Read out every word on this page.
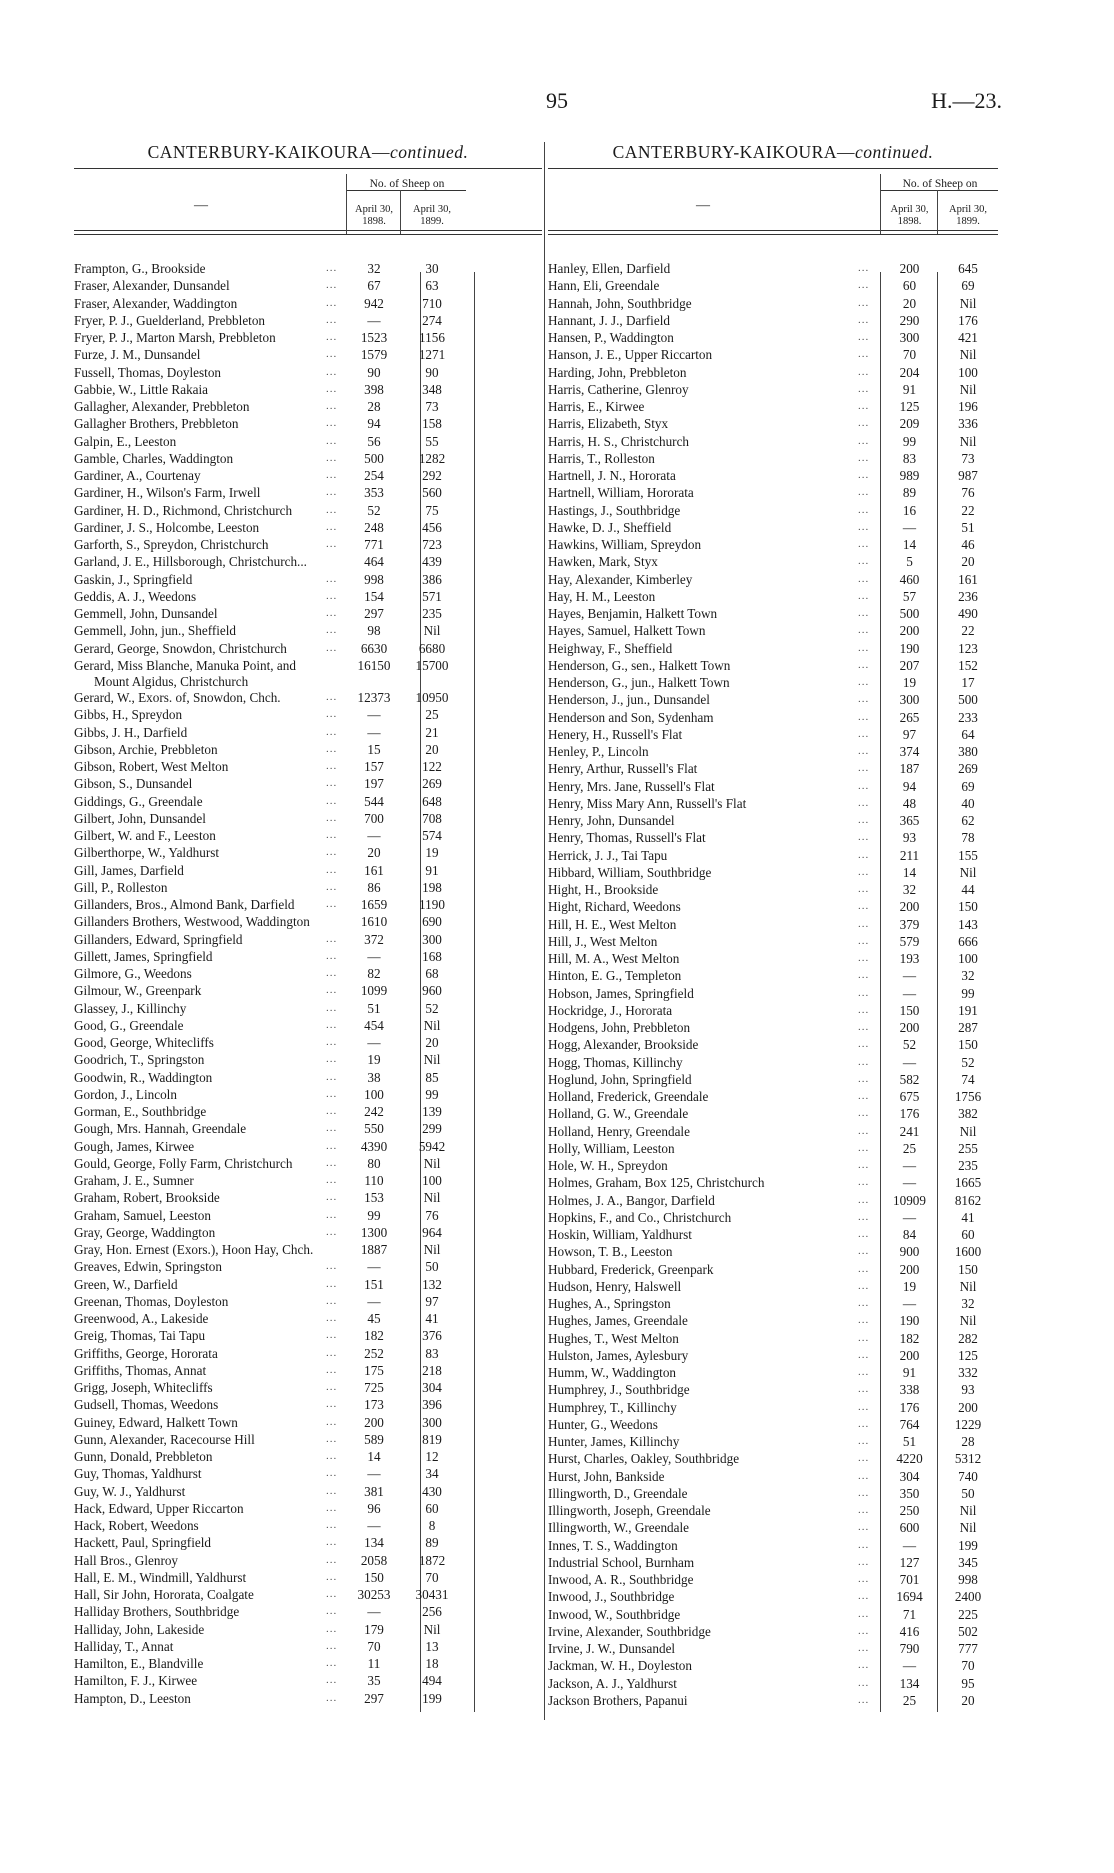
95	H.—23.
CANTERBURY-KAIKOURA—continued.
—
No. of Sheep on
April 30, 1898.
April 30, 1899.
Frampton, G., Brookside	...	32	30
Fraser, Alexander, Dunsandel	...	67	63
Fraser, Alexander, Waddington	...	942	710
Fryer, P. J., Guelderland, Prebbleton	...	—	274
Fryer, P. J., Marton Marsh, Prebbleton	...	1523	1156
Furze, J. M., Dunsandel	...	1579	1271
Fussell, Thomas, Doyleston	...	90	90
Gabbie, W., Little Rakaia	...	398	348
Gallagher, Alexander, Prebbleton	...	28	73
Gallagher Brothers, Prebbleton	...	94	158
Galpin, E., Leeston	...	56	55
Gamble, Charles, Waddington	...	500	1282
Gardiner, A., Courtenay	...	254	292
Gardiner, H., Wilson's Farm, Irwell	...	353	560
Gardiner, H. D., Richmond, Christchurch	...	52	75
Gardiner, J. S., Holcombe, Leeston	...	248	456
Garforth, S., Spreydon, Christchurch	...	771	723
Garland, J. E., Hillsborough, Christchurch...	464	439
Gaskin, J., Springfield	...	998	386
Geddis, A. J., Weedons	...	154	571
Gemmell, John, Dunsandel	...	297	235
Gemmell, John, jun., Sheffield	...	98	Nil
Gerard, George, Snowdon, Christchurch	...	6630	6680
Gerard, Miss Blanche, Manuka Point, and	16150	15700
Mount Algidus, Christchurch
Gerard, W., Exors. of, Snowdon, Chch.	...	12373	10950
Gibbs, H., Spreydon	...	—	25
Gibbs, J. H., Darfield	...	—	21
Gibson, Archie, Prebbleton	...	15	20
Gibson, Robert, West Melton	...	157	122
Gibson, S., Dunsandel	...	197	269
Giddings, G., Greendale	...	544	648
Gilbert, John, Dunsandel	...	700	708
Gilbert, W. and F., Leeston	...	—	574
Gilberthorpe, W., Yaldhurst	...	20	19
Gill, James, Darfield	...	161	91
Gill, P., Rolleston	...	86	198
Gillanders, Bros., Almond Bank, Darfield	...	1659	1190
Gillanders Brothers, Westwood, Waddington	1610	690
Gillanders, Edward, Springfield	...	372	300
Gillett, James, Springfield	...	—	168
Gilmore, G., Weedons	...	82	68
Gilmour, W., Greenpark	...	1099	960
Glassey, J., Killinchy	...	51	52
Good, G., Greendale	...	454	Nil
Good, George, Whitecliffs	...	—	20
Goodrich, T., Springston	...	19	Nil
Goodwin, R., Waddington	...	38	85
Gordon, J., Lincoln	...	100	99
Gorman, E., Southbridge	...	242	139
Gough, Mrs. Hannah, Greendale	...	550	299
Gough, James, Kirwee	...	4390	5942
Gould, George, Folly Farm, Christchurch	...	80	Nil
Graham, J. E., Sumner	...	110	100
Graham, Robert, Brookside	...	153	Nil
Graham, Samuel, Leeston	...	99	76
Gray, George, Waddington	...	1300	964
Gray, Hon. Ernest (Exors.), Hoon Hay, Chch.	1887	Nil
Greaves, Edwin, Springston	...	—	50
Green, W., Darfield	...	151	132
Greenan, Thomas, Doyleston	...	—	97
Greenwood, A., Lakeside	...	45	41
Greig, Thomas, Tai Tapu	...	182	376
Griffiths, George, Hororata	...	252	83
Griffiths, Thomas, Annat	...	175	218
Grigg, Joseph, Whitecliffs	...	725	304
Gudsell, Thomas, Weedons	...	173	396
Guiney, Edward, Halkett Town	...	200	300
Gunn, Alexander, Racecourse Hill	...	589	819
Gunn, Donald, Prebbleton	...	14	12
Guy, Thomas, Yaldhurst	...	—	34
Guy, W. J., Yaldhurst	...	381	430
Hack, Edward, Upper Riccarton	...	96	60
Hack, Robert, Weedons	...	—	8
Hackett, Paul, Springfield	...	134	89
Hall Bros., Glenroy	...	2058	1872
Hall, E. M., Windmill, Yaldhurst	...	150	70
Hall, Sir John, Hororata, Coalgate	...	30253	30431
Halliday Brothers, Southbridge	...	—	256
Halliday, John, Lakeside	...	179	Nil
Halliday, T., Annat	...	70	13
Hamilton, E., Blandville	...	11	18
Hamilton, F. J., Kirwee	...	35	494
Hampton, D., Leeston	...	297	199
CANTERBURY-KAIKOURA—continued.
—
No. of Sheep on
April 30, 1898.
April 30, 1899.
Hanley, Ellen, Darfield	...	200	645
Hann, Eli, Greendale	...	60	69
Hannah, John, Southbridge	...	20	Nil
Hannant, J. J., Darfield	...	290	176
Hansen, P., Waddington	...	300	421
Hanson, J. E., Upper Riccarton	...	70	Nil
Harding, John, Prebbleton	...	204	100
Harris, Catherine, Glenroy	...	91	Nil
Harris, E., Kirwee	...	125	196
Harris, Elizabeth, Styx	...	209	336
Harris, H. S., Christchurch	...	99	Nil
Harris, T., Rolleston	...	83	73
Hartnell, J. N., Hororata	...	989	987
Hartnell, William, Hororata	...	89	76
Hastings, J., Southbridge	...	16	22
Hawke, D. J., Sheffield	...	—	51
Hawkins, William, Spreydon	...	14	46
Hawken, Mark, Styx	...	5	20
Hay, Alexander, Kimberley	...	460	161
Hay, H. M., Leeston	...	57	236
Hayes, Benjamin, Halkett Town	...	500	490
Hayes, Samuel, Halkett Town	...	200	22
Heighway, F., Sheffield	...	190	123
Henderson, G., sen., Halkett Town	...	207	152
Henderson, G., jun., Halkett Town	...	19	17
Henderson, J., jun., Dunsandel	...	300	500
Henderson and Son, Sydenham	...	265	233
Henery, H., Russell's Flat	...	97	64
Henley, P., Lincoln	...	374	380
Henry, Arthur, Russell's Flat	...	187	269
Henry, Mrs. Jane, Russell's Flat	...	94	69
Henry, Miss Mary Ann, Russell's Flat	...	48	40
Henry, John, Dunsandel	...	365	62
Henry, Thomas, Russell's Flat	...	93	78
Herrick, J. J., Tai Tapu	...	211	155
Hibbard, William, Southbridge	...	14	Nil
Hight, H., Brookside	...	32	44
Hight, Richard, Weedons	...	200	150
Hill, H. E., West Melton	...	379	143
Hill, J., West Melton	...	579	666
Hill, M. A., West Melton	...	193	100
Hinton, E. G., Templeton	...	—	32
Hobson, James, Springfield	...	—	99
Hockridge, J., Hororata	...	150	191
Hodgens, John, Prebbleton	...	200	287
Hogg, Alexander, Brookside	...	52	150
Hogg, Thomas, Killinchy	...	—	52
Hoglund, John, Springfield	...	582	74
Holland, Frederick, Greendale	...	675	1756
Holland, G. W., Greendale	...	176	382
Holland, Henry, Greendale	...	241	Nil
Holly, William, Leeston	...	25	255
Hole, W. H., Spreydon	...	—	235
Holmes, Graham, Box 125, Christchurch	...	—	1665
Holmes, J. A., Bangor, Darfield	...	10909	8162
Hopkins, F., and Co., Christchurch	...	—	41
Hoskin, William, Yaldhurst	...	84	60
Howson, T. B., Leeston	...	900	1600
Hubbard, Frederick, Greenpark	...	200	150
Hudson, Henry, Halswell	...	19	Nil
Hughes, A., Springston	...	—	32
Hughes, James, Greendale	...	190	Nil
Hughes, T., West Melton	...	182	282
Hulston, James, Aylesbury	...	200	125
Humm, W., Waddington	...	91	332
Humphrey, J., Southbridge	...	338	93
Humphrey, T., Killinchy	...	176	200
Hunter, G., Weedons	...	764	1229
Hunter, James, Killinchy	...	51	28
Hurst, Charles, Oakley, Southbridge	...	4220	5312
Hurst, John, Bankside	...	304	740
Illingworth, D., Greendale	...	350	50
Illingworth, Joseph, Greendale	...	250	Nil
Illingworth, W., Greendale	...	600	Nil
Innes, T. S., Waddington	...	—	199
Industrial School, Burnham	...	127	345
Inwood, A. R., Southbridge	...	701	998
Inwood, J., Southbridge	...	1694	2400
Inwood, W., Southbridge	...	71	225
Irvine, Alexander, Southbridge	...	416	502
Irvine, J. W., Dunsandel	...	790	777
Jackman, W. H., Doyleston	...	—	70
Jackson, A. J., Yaldhurst	...	134	95
Jackson Brothers, Papanui	...	25	20
